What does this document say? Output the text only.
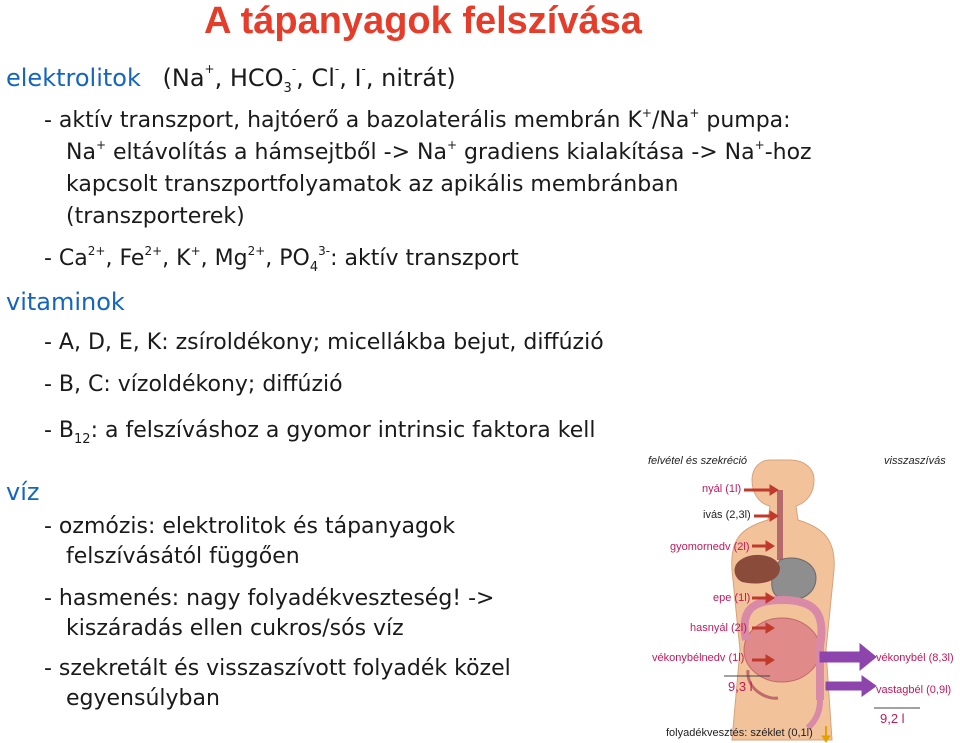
A tápanyagok felszívása
elektrolitok (Na+, $HCO_3^-$, Cl-, I-, nitrát)
- aktív transzport, hajtóerő a bazolaterális membrán K+/Na+ pumpa:
Na+ eltávolítás a hámsejtből -> Na+ gradiens kialakítása -> Na+-hoz
kapcsolt transzportfolyamatok az apikális membránban
(transzporterek)
- $Ca^{2+}$, $Fe^{2+}$, K+, $Mg^{2+}$, $PO_4^{3-}$: aktív transzport
vitaminok
- A, D, E, K: zsíroldékony; micellákba bejut, diffúzió
- B, C: vízoldékony; diffúzió
- $B_{12}$: a felszíváshoz a gyomor intrinsic faktora kell
víz
- ozmózis: elektrolitok és tápanyagok
felszívásától függően
- hasmenés: nagy folyadékveszteség! ->
kiszáradás ellen cukros/sós víz
- szekretált és visszaszívott folyadék közel
egyensúlyban
felvétel és szekréció	visszaszívás
nyál (1l)
ivás (2,3l)
gyomornedv (2l)
epe (1l)
hasnyál (2l)
vékonybélnedv (1l)
9,3 l
vékonybél (8,3l)
vastagbél (0,9l)
9,2 l
folyadékvesztés: széklet (0,1l)
